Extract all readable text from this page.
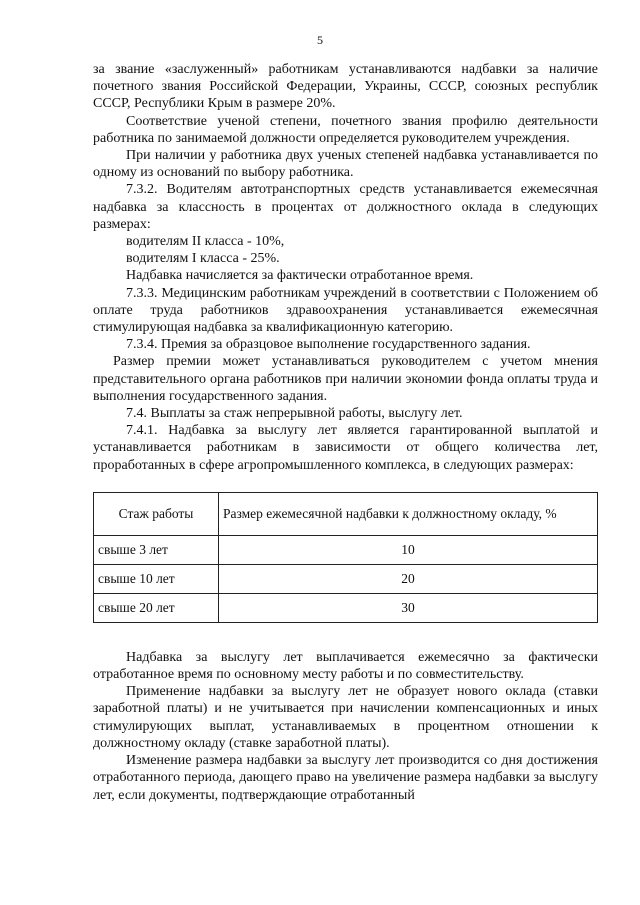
5

за звание «заслуженный» работникам устанавливаются надбавки за наличие почетного звания Российской Федерации, Украины, СССР, союзных республик СССР, Республики Крым в размере 20%.

Соответствие ученой степени, почетного звания профилю деятельности работника по занимаемой должности определяется руководителем учреждения.

При наличии у работника двух ученых степеней надбавка устанавливается по одному из оснований по выбору работника.

7.3.2. Водителям автотранспортных средств устанавливается ежемесячная надбавка за классность в процентах от должностного оклада в следующих размерах:

водителям II класса - 10%,

водителям I класса - 25%.

Надбавка начисляется за фактически отработанное время.

7.3.3. Медицинским работникам учреждений в соответствии с Положением об оплате труда работников здравоохранения устанавливается ежемесячная стимулирующая надбавка за квалификационную категорию.

7.3.4. Премия за образцовое выполнение государственного задания.

Размер премии может устанавливаться руководителем с учетом мнения представительного органа работников при наличии экономии фонда оплаты труда и выполнения государственного задания.

7.4. Выплаты за стаж непрерывной работы, выслугу лет.

7.4.1. Надбавка за выслугу лет является гарантированной выплатой и устанавливается работникам в зависимости от общего количества лет, проработанных в сфере агропромышленного комплекса, в следующих размерах:

Стаж работы	Размер ежемесячной надбавки к должностному окладу, %
свыше 3 лет	10
свыше 10 лет	20
свыше 20 лет	30

Надбавка за выслугу лет выплачивается ежемесячно за фактически отработанное время по основному месту работы и по совместительству.

Применение надбавки за выслугу лет не образует нового оклада (ставки заработной платы) и не учитывается при начислении компенсационных и иных стимулирующих выплат, устанавливаемых в процентном отношении к должностному окладу (ставке заработной платы).

Изменение размера надбавки за выслугу лет производится со дня достижения отработанного периода, дающего право на увеличение размера надбавки за выслугу лет, если документы, подтверждающие отработанный
